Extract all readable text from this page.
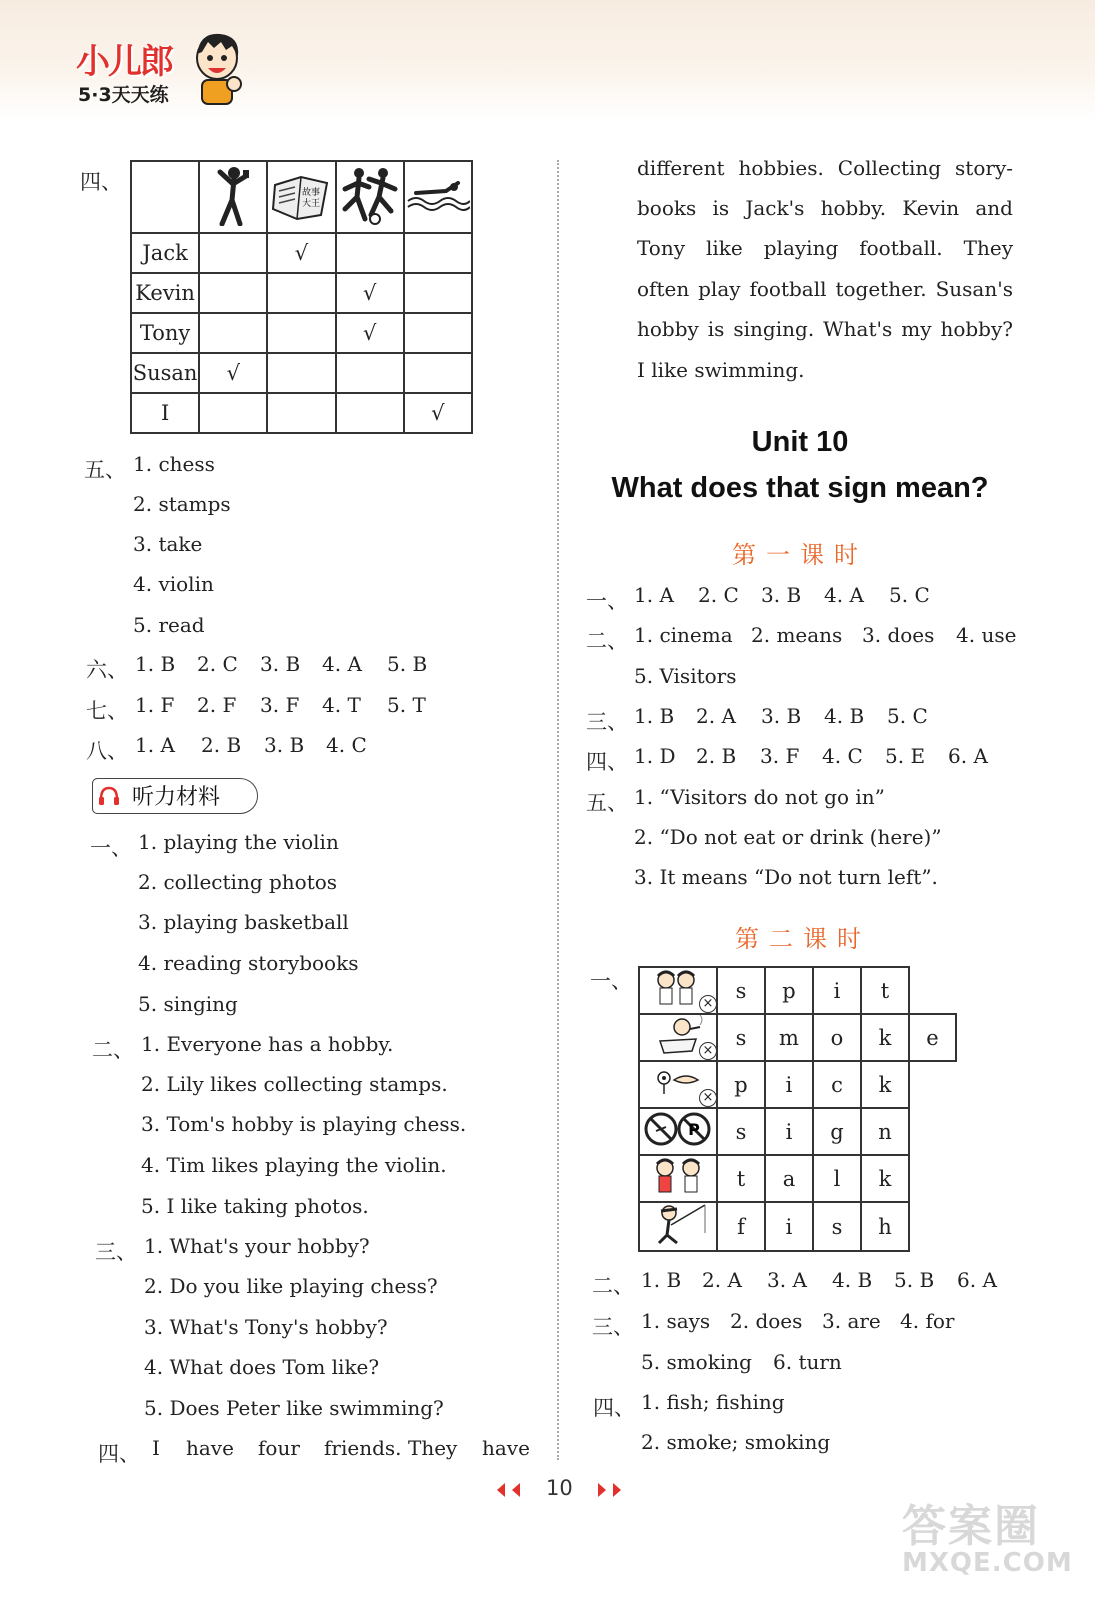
小儿郎
5·3天天练
四、
			故事
大王

Jack		√		
Kevin			√	
Tony			√	
Susan	√			
I				√
五、 1. chess
2. stamps
3. take
4. violin
5. read
六、 1. B 2. C 3. B 4. A 5. B
七、 1. F 2. F 3. F 4. T 5. T
八、 1. A 2. B 3. B 4. C
听力材料
一、 1. playing the violin
2. collecting photos
3. playing basketball
4. reading storybooks
5. singing
二、 1. Everyone has a hobby.
2. Lily likes collecting stamps.
3. Tom's hobby is playing chess.
4. Tim likes playing the violin.
5. I like taking photos.
三、 1. What's your hobby?
2. Do you like playing chess?
3. What's Tony's hobby?
4. What does Tom like?
5. Does Peter like swimming?
四、 I have four friends. They have
different hobbies. Collecting story-
books is Jack's hobby. Kevin and
Tony like playing football. They
often play football together. Susan's
hobby is singing. What's my hobby?
I like swimming.
Unit 10
What does that sign mean?
第一课时
一、 1. A 2. C 3. B 4. A 5. C
二、 1. cinema 2. means 3. does 4. use
5. Visitors
三、 1. B 2. A 3. B 4. B 5. C
四、 1. D 2. B 3. F 4. C 5. E 6. A
五、 1. “Visitors do not go in”
2. “Do not eat or drink (here)”
3. It means “Do not turn left”.
第二课时
一、
×	s	p	i	t	

×	s	m	o	k	e

×	p	i	c	k	

P	s	i	g	n	
	t	a	l	k	
	f	i	s	h	
二、 1. B 2. A 3. A 4. B 5. B 6. A
三、 1. says 2. does 3. are 4. for
5. smoking 6. turn
四、 1. fish; fishing
2. smoke; smoking
10
答案圈
MXQE.COM
